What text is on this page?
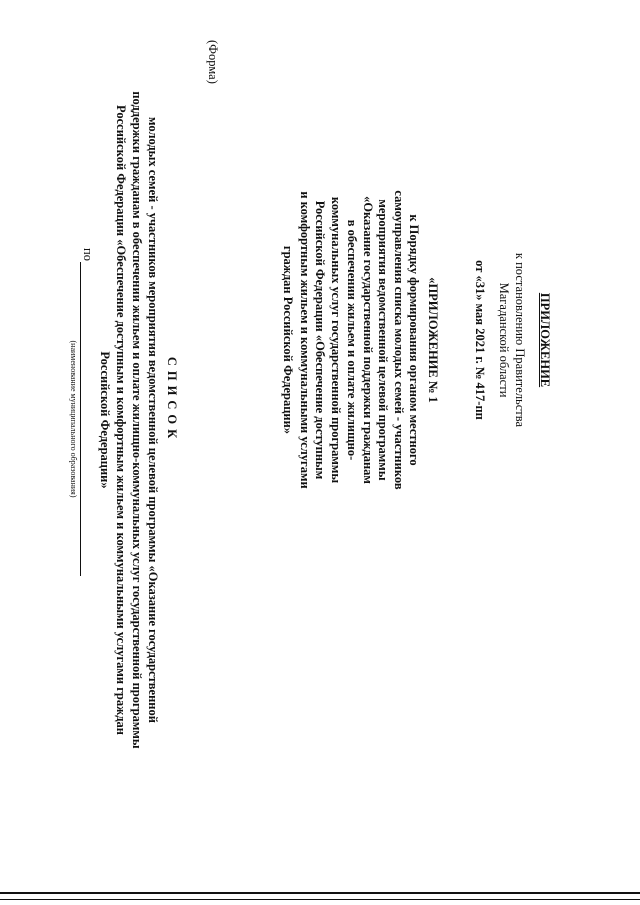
ПРИЛОЖЕНИЕ
к постановлению Правительства
Магаданской области
от «31» мая 2021 г. № 417-пп
«ПРИЛОЖЕНИЕ № 1
к Порядку формирования органом местного
самоуправления списка молодых семей - участников
мероприятия ведомственной целевой программы
«Оказание государственной поддержки гражданам
в обеспечении жильем и оплате жилищно-
коммунальных услуг государственной программы
Российской Федерации «Обеспечение доступным
и комфортным жильем и коммунальными услугами
граждан Российской Федерации»
(Форма)
СПИСОК
молодых семей - участников мероприятия ведомственной целевой программы «Оказание государственной
поддержки гражданам в обеспечении жильем и оплате жилищно-коммунальных услуг государственной программы
Российской Федерации «Обеспечение доступным и комфортным жильем и коммунальными услугами граждан
Российской Федерации»
по
(наименование муниципального образования)
